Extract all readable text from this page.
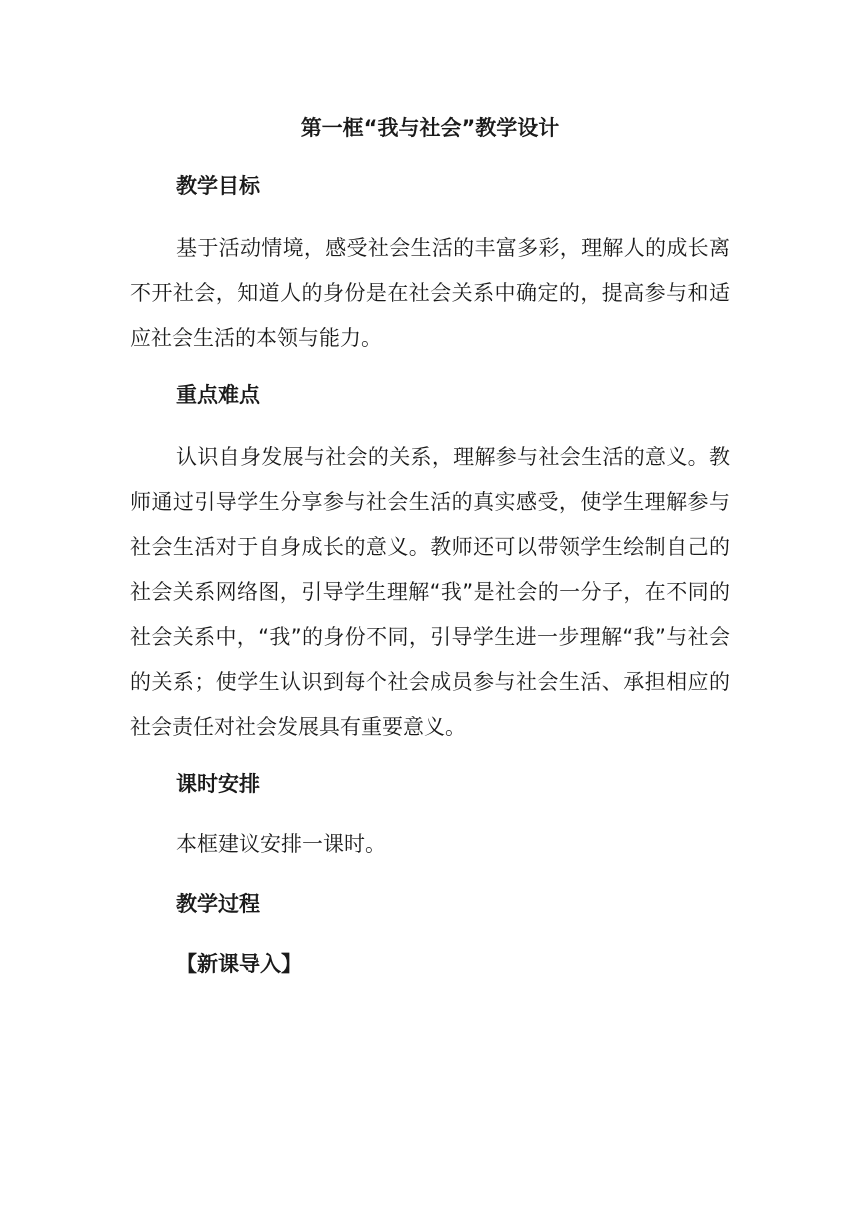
第一框“我与社会”教学设计
教学目标
基于活动情境，感受社会生活的丰富多彩，理解人的成长离不开社会，知道人的身份是在社会关系中确定的，提高参与和适应社会生活的本领与能力。
重点难点
认识自身发展与社会的关系，理解参与社会生活的意义。教师通过引导学生分享参与社会生活的真实感受，使学生理解参与社会生活对于自身成长的意义。教师还可以带领学生绘制自己的社会关系网络图，引导学生理解“我”是社会的一分子，在不同的社会关系中，“我”的身份不同，引导学生进一步理解“我”与社会的关系；使学生认识到每个社会成员参与社会生活、承担相应的社会责任对社会发展具有重要意义。
课时安排
本框建议安排一课时。
教学过程
【新课导入】
